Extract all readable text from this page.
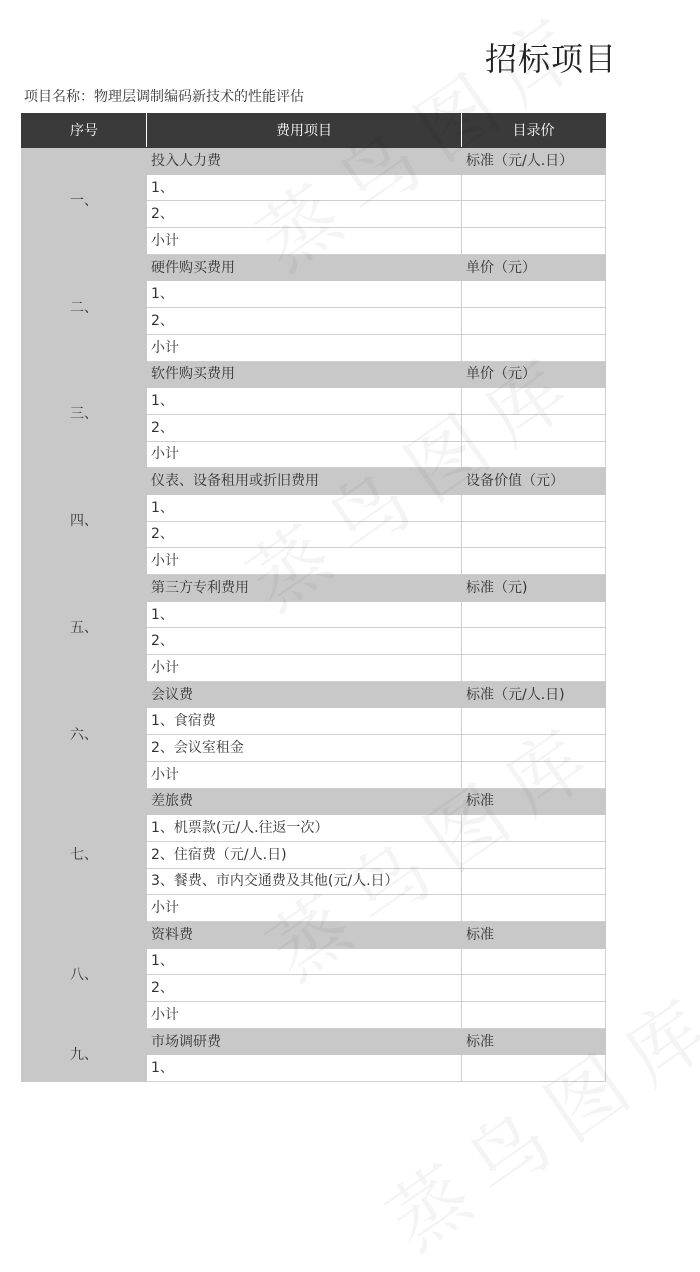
招标项目
项目名称：物理层调制编码新技术的性能评估
序号	费用项目	目录价
一、	投入人力费	标准（元/人.日）
	1、	
	2、	
	小计	
二、	硬件购买费用	单价（元）
	1、	
	2、	
	小计	
三、	软件购买费用	单价（元）
	1、	
	2、	
	小计	
四、	仪表、设备租用或折旧费用	设备价值（元）
	1、	
	2、	
	小计	
五、	第三方专利费用	标准（元)
	1、	
	2、	
	小计	
六、	会议费	标准（元/人.日)
	1、食宿费	
	2、会议室租金	
	小计	
七、	差旅费	标准
	1、机票款(元/人.往返一次）	
	2、住宿费（元/人.日)	
	3、餐费、市内交通费及其他(元/人.日）	
	小计	
八、	资料费	标准
	1、	
	2、	
	小计	
九、	市场调研费	标准
	1、	
